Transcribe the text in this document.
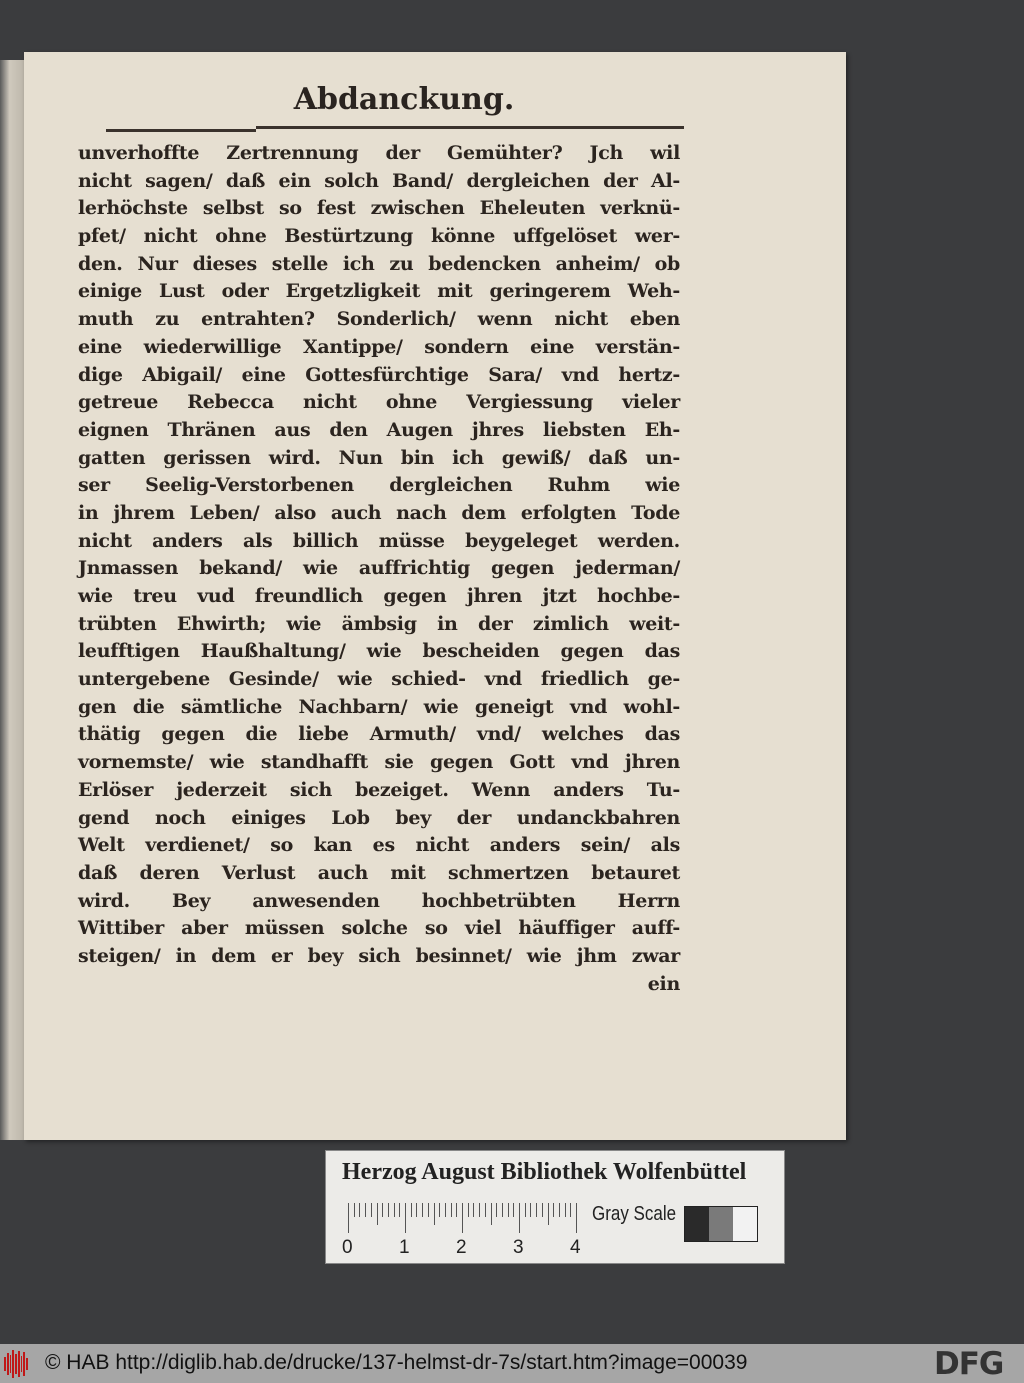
Abdanckung.
unverhoffte Zertrennung der Gemühter? Jch wil
nicht sagen/ daß ein solch Band/ dergleichen der Al-
lerhöchste selbst so fest zwischen Eheleuten verknü-
pfet/ nicht ohne Bestürtzung könne uffgelöset wer-
den. Nur dieses stelle ich zu bedencken anheim/ ob
einige Lust oder Ergetzligkeit mit geringerem Weh-
muth zu entrahten? Sonderlich/ wenn nicht eben
eine wiederwillige Xantippe/ sondern eine verstän-
dige Abigail/ eine Gottesfürchtige Sara/ vnd hertz-
getreue Rebecca nicht ohne Vergiessung vieler
eignen Thränen aus den Augen jhres liebsten Eh-
gatten gerissen wird. Nun bin ich gewiß/ daß un-
ser Seelig-Verstorbenen dergleichen Ruhm wie
in jhrem Leben/ also auch nach dem erfolgten Tode
nicht anders als billich müsse beygeleget werden.
Jnmassen bekand/ wie auffrichtig gegen jederman/
wie treu vud freundlich gegen jhren jtzt hochbe-
trübten Ehwirth; wie ämbsig in der zimlich weit-
leufftigen Haußhaltung/ wie bescheiden gegen das
untergebene Gesinde/ wie schied- vnd friedlich ge-
gen die sämtliche Nachbarn/ wie geneigt vnd wohl-
thätig gegen die liebe Armuth/ vnd/ welches das
vornemste/ wie standhafft sie gegen Gott vnd jhren
Erlöser jederzeit sich bezeiget. Wenn anders Tu-
gend noch einiges Lob bey der undanckbahren
Welt verdienet/ so kan es nicht anders sein/ als
daß deren Verlust auch mit schmertzen betauret
wird. Bey anwesenden hochbetrübten Herrn
Wittiber aber müssen solche so viel häuffiger auff-
steigen/ in dem er bey sich besinnet/ wie jhm zwar
ein
Herzog August Bibliothek Wolfenbüttel
0 1 2 3 4
Gray Scale
© HAB http://diglib.hab.de/drucke/137-helmst-dr-7s/start.htm?image=00039	DFG
